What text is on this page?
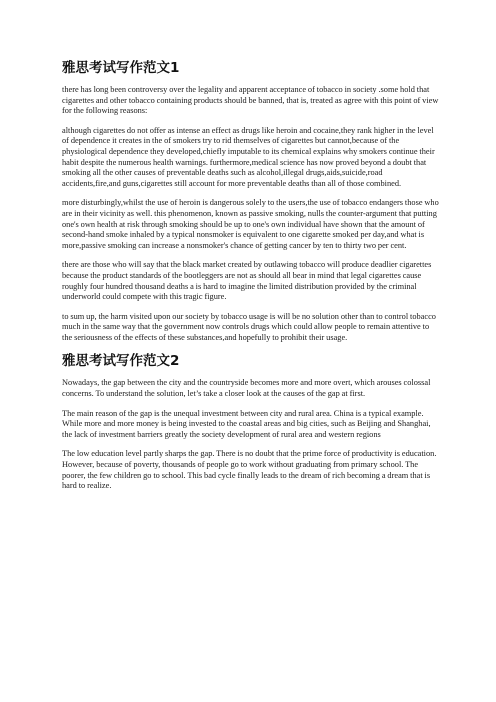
雅思考试写作范文1

there has long been controversy over the legality and apparent acceptance of tobacco in society .some hold that cigarettes and other tobacco containing products should be banned, that is, treated as agree with this point of view for the following reasons:

although cigarettes do not offer as intense an effect as drugs like heroin and cocaine,they rank higher in the level of dependence it creates in the of smokers try to rid themselves of cigarettes but cannot,because of the physiological dependence they developed,chiefly imputable to its chemical explains why smokers continue their habit despite the numerous health warnings. furthermore,medical science has now proved beyond a doubt that smoking all the other causes of preventable deaths such as alcohol,illegal drugs,aids,suicide,road accidents,fire,and guns,cigarettes still account for more preventable deaths than all of those combined.

more disturbingly,whilst the use of heroin is dangerous solely to the users,the use of tobacco endangers those who are in their vicinity as well. this phenomenon, known as passive smoking, nulls the counter-argument that putting one's own health at risk through smoking should be up to one's own individual have shown that the amount of second-hand smoke inhaled by a typical nonsmoker is equivalent to one cigarette smoked per day,and what is more,passive smoking can increase a nonsmoker's chance of getting cancer by ten to thirty two per cent.

there are those who will say that the black market created by outlawing tobacco will produce deadlier cigarettes because the product standards of the bootleggers are not as should all bear in mind that legal cigarettes cause roughly four hundred thousand deaths a is hard to imagine the limited distribution provided by the criminal underworld could compete with this tragic figure.

to sum up, the harm visited upon our society by tobacco usage is will be no solution other than to control tobacco much in the same way that the government now controls drugs which could allow people to remain attentive to the seriousness of the effects of these substances,and hopefully to prohibit their usage.

雅思考试写作范文2

Nowadays, the gap between the city and the countryside becomes more and more overt, which arouses colossal concerns. To understand the solution, let’s take a closer look at the causes of the gap at first.

The main reason of the gap is the unequal investment between city and rural area. China is a typical example. While more and more money is being invested to the coastal areas and big cities, such as Beijing and Shanghai, the lack of investment barriers greatly the society development of rural area and western regions

The low education level partly sharps the gap. There is no doubt that the prime force of productivity is education. However, because of poverty, thousands of people go to work without graduating from primary school. The poorer, the few children go to school. This bad cycle finally leads to the dream of rich becoming a dream that is hard to realize.
